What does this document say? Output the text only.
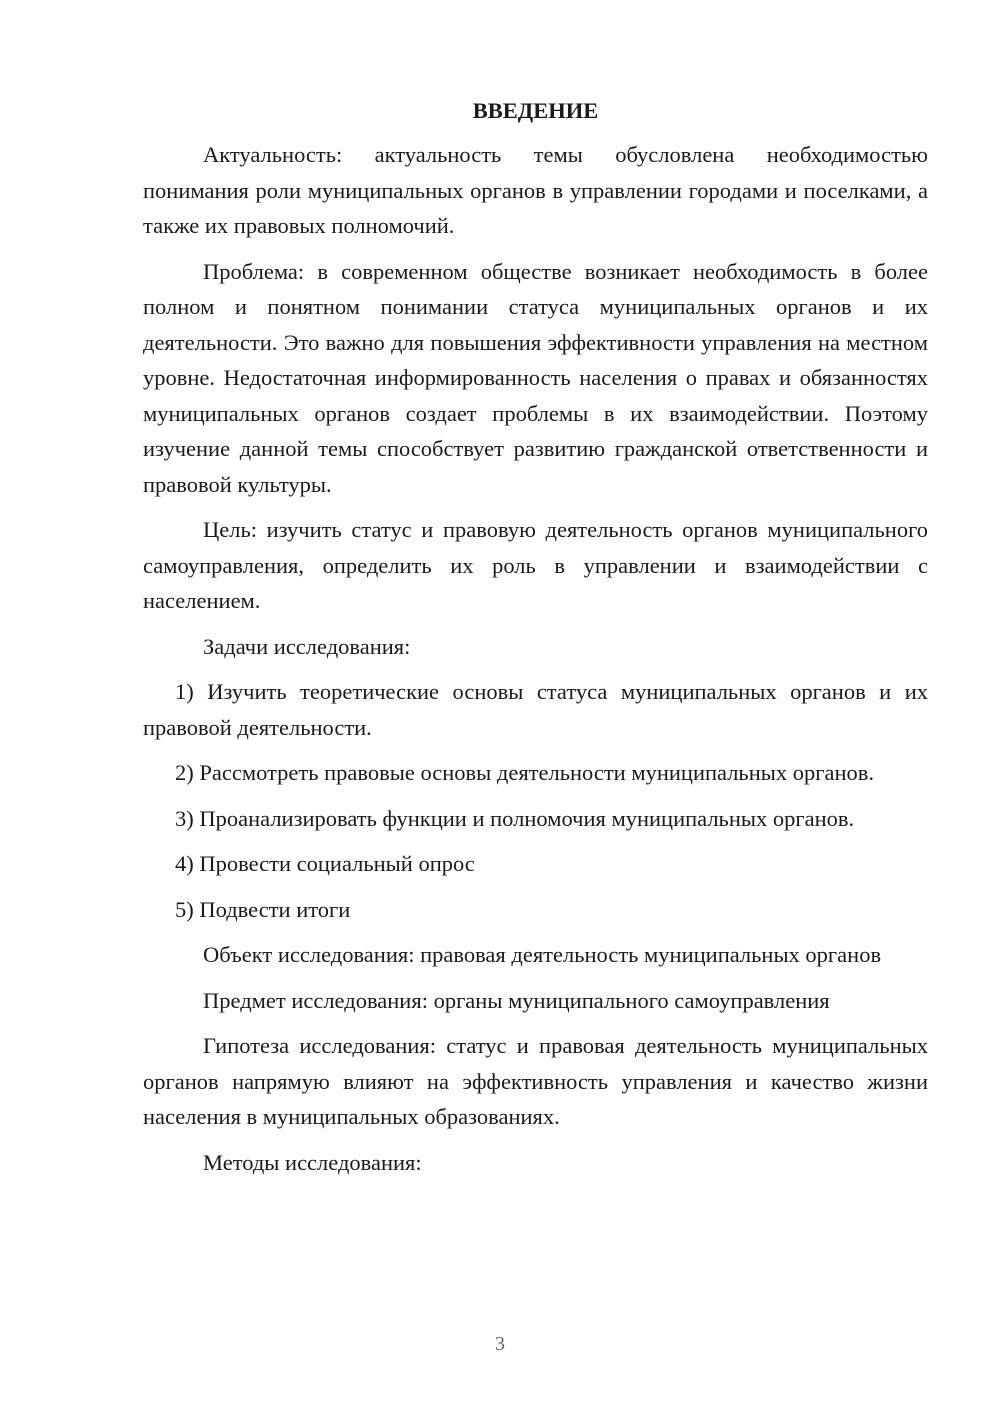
ВВЕДЕНИЕ

Актуальность: актуальность темы обусловлена необходимостью понимания роли муниципальных органов в управлении городами и поселками, а также их правовых полномочий.

Проблема: в современном обществе возникает необходимость в более полном и понятном понимании статуса муниципальных органов и их деятельности. Это важно для повышения эффективности управления на местном уровне. Недостаточная информированность населения о правах и обязанностях муниципальных органов создает проблемы в их взаимодействии. Поэтому изучение данной темы способствует развитию гражданской ответственности и правовой культуры.

Цель: изучить статус и правовую деятельность органов муниципального самоуправления, определить их роль в управлении и взаимодействии с населением.

Задачи исследования:

1) Изучить теоретические основы статуса муниципальных органов и их правовой деятельности.

2) Рассмотреть правовые основы деятельности муниципальных органов.

3) Проанализировать функции и полномочия муниципальных органов.

4) Провести социальный опрос

5) Подвести итоги

Объект исследования: правовая деятельность муниципальных органов

Предмет исследования: органы муниципального самоуправления

Гипотеза исследования: статус и правовая деятельность муниципальных органов напрямую влияют на эффективность управления и качество жизни населения в муниципальных образованиях.

Методы исследования:

3
